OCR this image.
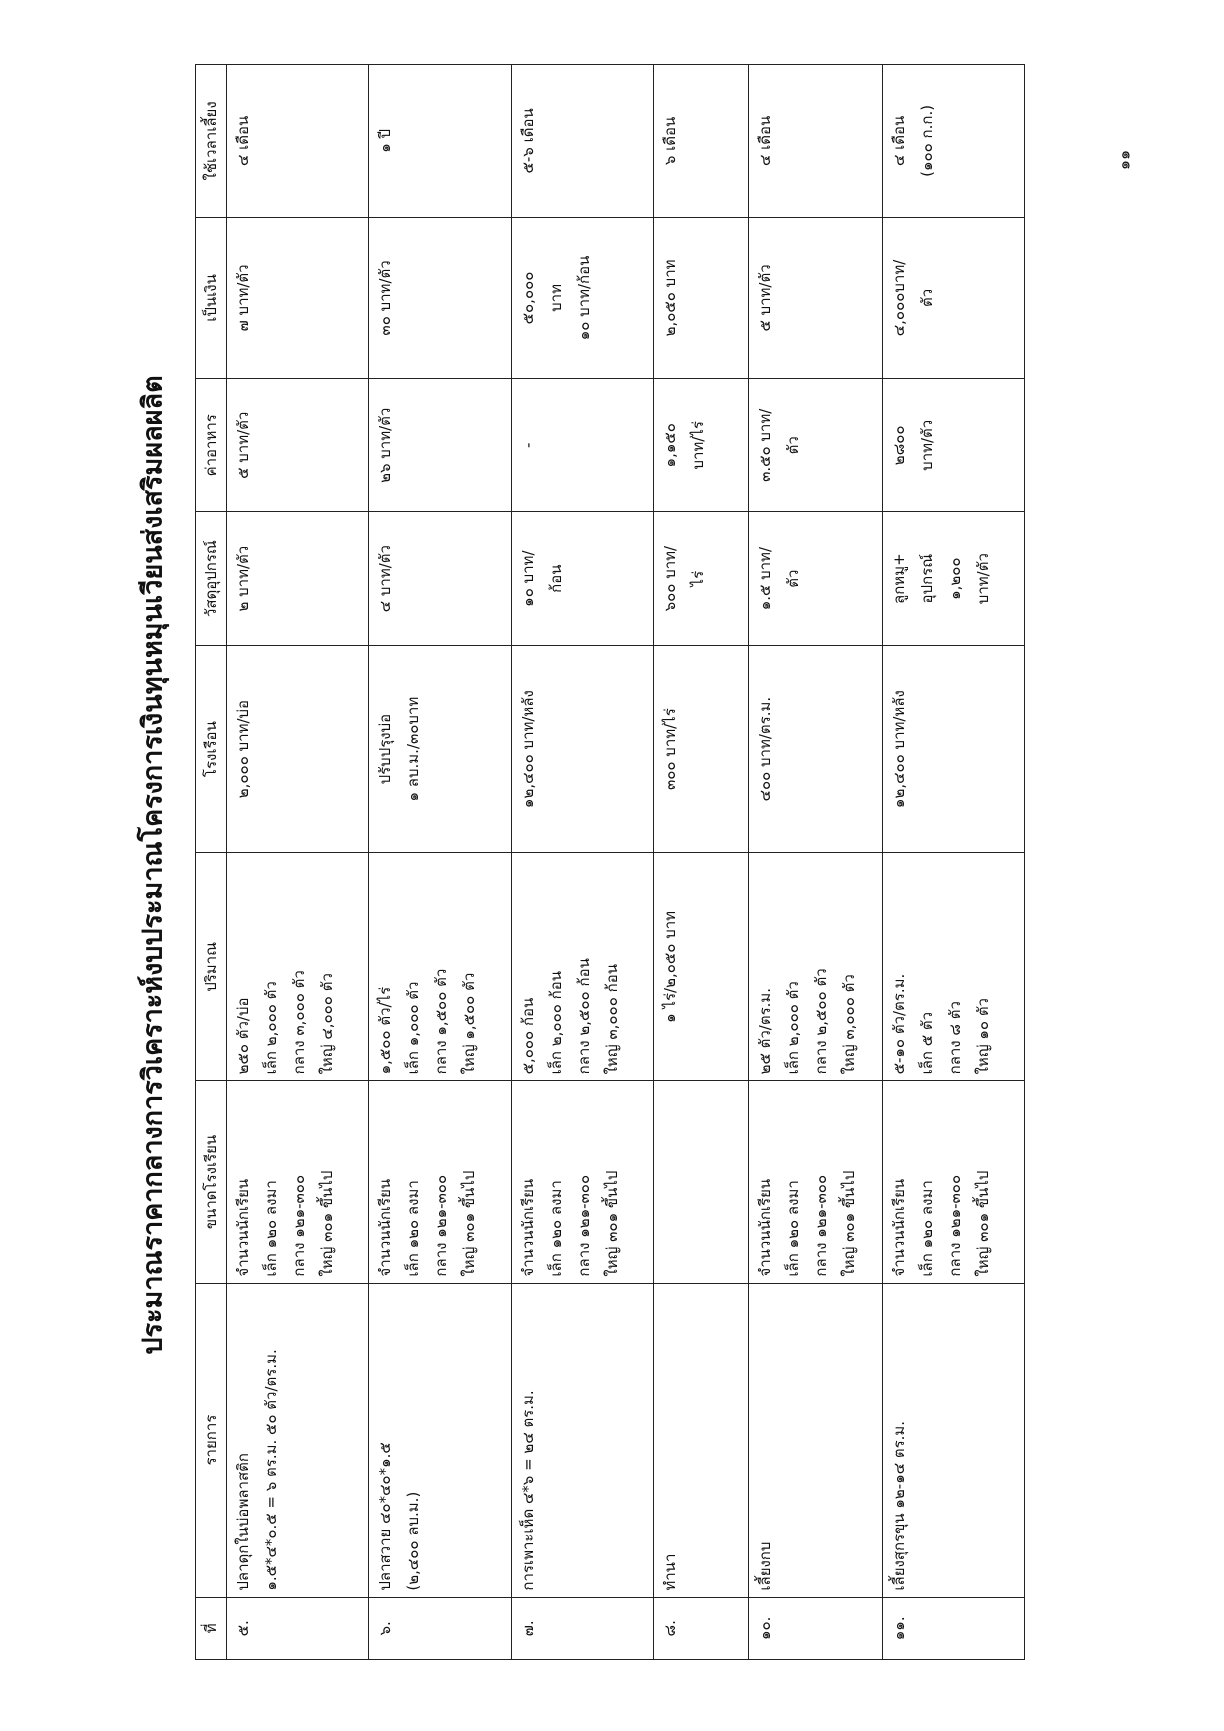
ประมาณราคากลางการวิเคราะห์งบประมาณโครงการเงินทุนหมุนเวียนส่งเสริมผลผลิต
ที่	รายการ	ขนาดโรงเรียน	ปริมาณ	โรงเรือน	วัสดุอุปกรณ์	ค่าอาหาร	เป็นเงิน	ใช้เวลาเลี้ยง
๕.	ปลาดุกในบ่อพลาสติก ๑.๕*๔*๐.๕ = ๖ ตร.ม. ๕๐ ตัว/ตร.ม.	จำนวนนักเรียน เล็ก ๑๒๐ ลงมา กลาง ๑๒๑-๓๐๐ ใหญ่ ๓๐๑ ขึ้นไป	๒๕๐ ตัว/บ่อ เล็ก ๒,๐๐๐ ตัว กลาง ๓,๐๐๐ ตัว ใหญ่ ๔,๐๐๐ ตัว	๒,๐๐๐ บาท/บ่อ	๒ บาท/ตัว	๕ บาท/ตัว	๗ บาท/ตัว	๔ เดือน

๖.	ปลาสวาย ๔๐*๔๐*๑.๕ (๒,๔๐๐ ลบ.ม.)	จำนวนนักเรียน เล็ก ๑๒๐ ลงมา กลาง ๑๒๑-๓๐๐ ใหญ่ ๓๐๑ ขึ้นไป	๑,๕๐๐ ตัว/ไร่ เล็ก ๑,๐๐๐ ตัว กลาง ๑,๕๐๐ ตัว ใหญ่ ๑,๕๐๐ ตัว	ปรับปรุงบ่อ ๑ ลบ.ม./๓๐บาท	๔ บาท/ตัว	๒๖ บาท/ตัว	๓๐ บาท/ตัว	๑ ปี

๗.	การเพาะเห็ด ๔*๖ = ๒๔ ตร.ม.	จำนวนนักเรียน เล็ก ๑๒๐ ลงมา กลาง ๑๒๑-๓๐๐ ใหญ่ ๓๐๑ ขึ้นไป	๕,๐๐๐ ก้อน เล็ก ๒,๐๐๐ ก้อน กลาง ๒,๕๐๐ ก้อน ใหญ่ ๓,๐๐๐ ก้อน	๑๒,๔๐๐ บาท/หลัง	๑๐ บาท/ ก้อน	-	๕๐,๐๐๐ บาท ๑๐ บาท/ก้อน	๕-๖ เดือน

๘.	ทำนา		๑ ไร่/๒,๐๕๐ บาท	๓๐๐ บาท/ไร่	๖๐๐ บาท/ ไร่	๑,๑๕๐ บาท/ไร่	๒,๐๕๐ บาท	๖ เดือน

๑๐.	เลี้ยงกบ	จำนวนนักเรียน เล็ก ๑๒๐ ลงมา กลาง ๑๒๑-๓๐๐ ใหญ่ ๓๐๑ ขึ้นไป	๒๕ ตัว/ตร.ม. เล็ก ๒,๐๐๐ ตัว กลาง ๒,๕๐๐ ตัว ใหญ่ ๓,๐๐๐ ตัว	๔๐๐ บาท/ตร.ม.	๑.๕ บาท/ ตัว	๓.๕๐ บาท/ ตัว	๕ บาท/ตัว	๔ เดือน

๑๑.	เลี้ยงสุกรขุน ๑๒-๑๔ ตร.ม.	จำนวนนักเรียน เล็ก ๑๒๐ ลงมา กลาง ๑๒๑-๓๐๐ ใหญ่ ๓๐๑ ขึ้นไป	๕-๑๐ ตัว/ตร.ม. เล็ก ๕ ตัว กลาง ๘ ตัว ใหญ่ ๑๐ ตัว	๑๒,๔๐๐ บาท/หลัง	ลูกหมู+ อุปกรณ์ ๑,๒๐๐ บาท/ตัว	๒๘๐๐ บาท/ตัว	๔,๐๐๐บาท/ ตัว	๔ เดือน (๑๐๐ ก.ก.)	๑๑
